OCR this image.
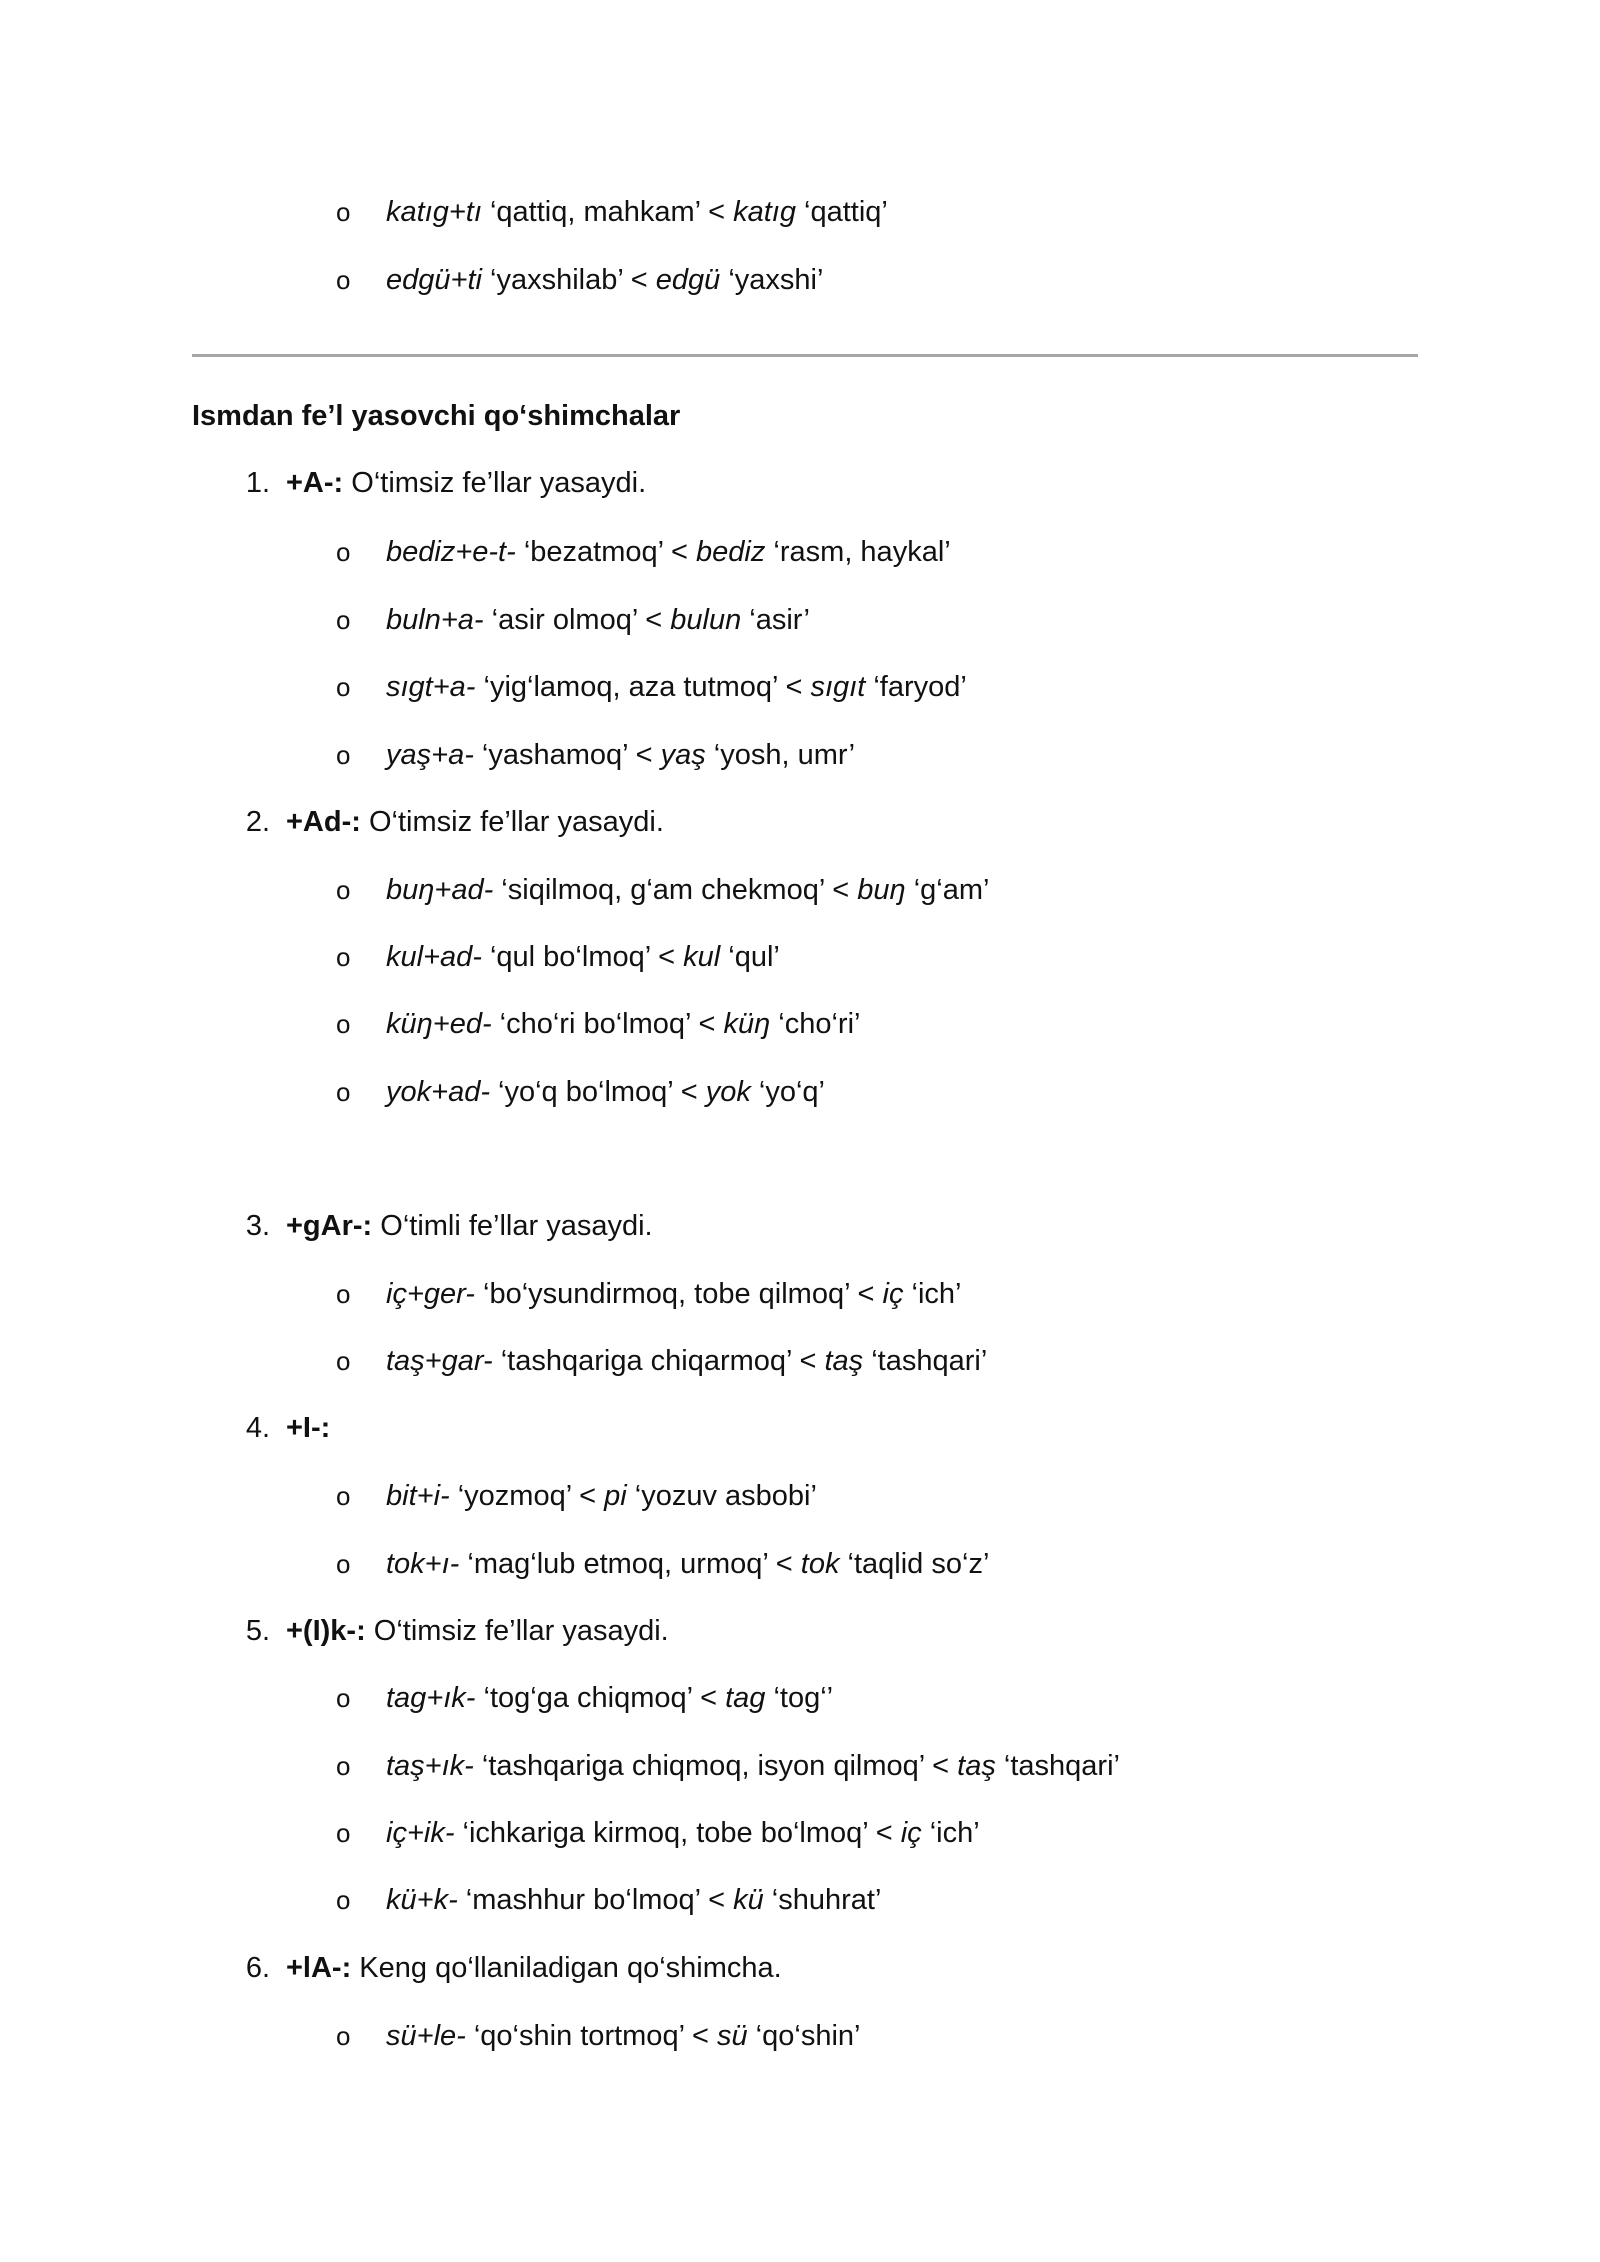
o katıg+tı ‘qattiq, mahkam’ < katıg ‘qattiq’
o edgü+ti ‘yaxshilab’ < edgü ‘yaxshi’
Ismdan fe’l yasovchi qo‘shimchalar
1. +A-: O‘timsiz fe’llar yasaydi.
o bediz+e-t- ‘bezatmoq’ < bediz ‘rasm, haykal’
o buln+a- ‘asir olmoq’ < bulun ‘asir’
o sıgt+a- ‘yig‘lamoq, aza tutmoq’ < sıgıt ‘faryod’
o yaş+a- ‘yashamoq’ < yaş ‘yosh, umr’
2. +Ad-: O‘timsiz fe’llar yasaydi.
o buŋ+ad- ‘siqilmoq, g‘am chekmoq’ < buŋ ‘g‘am’
o kul+ad- ‘qul bo‘lmoq’ < kul ‘qul’
o küŋ+ed- ‘cho‘ri bo‘lmoq’ < küŋ ‘cho‘ri’
o yok+ad- ‘yo‘q bo‘lmoq’ < yok ‘yo‘q’
3. +gAr-: O‘timli fe’llar yasaydi.
o iç+ger- ‘bo‘ysundirmoq, tobe qilmoq’ < iç ‘ich’
o taş+gar- ‘tashqariga chiqarmoq’ < taş ‘tashqari’
4. +I-:
o bit+i- ‘yozmoq’ < pi ‘yozuv asbobi’
o tok+ı- ‘mag‘lub etmoq, urmoq’ < tok ‘taqlid so‘z’
5. +(I)k-: O‘timsiz fe’llar yasaydi.
o tag+ık- ‘tog‘ga chiqmoq’ < tag ‘tog‘’
o taş+ık- ‘tashqariga chiqmoq, isyon qilmoq’ < taş ‘tashqari’
o iç+ik- ‘ichkariga kirmoq, tobe bo‘lmoq’ < iç ‘ich’
o kü+k- ‘mashhur bo‘lmoq’ < kü ‘shuhrat’
6. +lA-: Keng qo‘llaniladigan qo‘shimcha.
o sü+le- ‘qo‘shin tortmoq’ < sü ‘qo‘shin’
